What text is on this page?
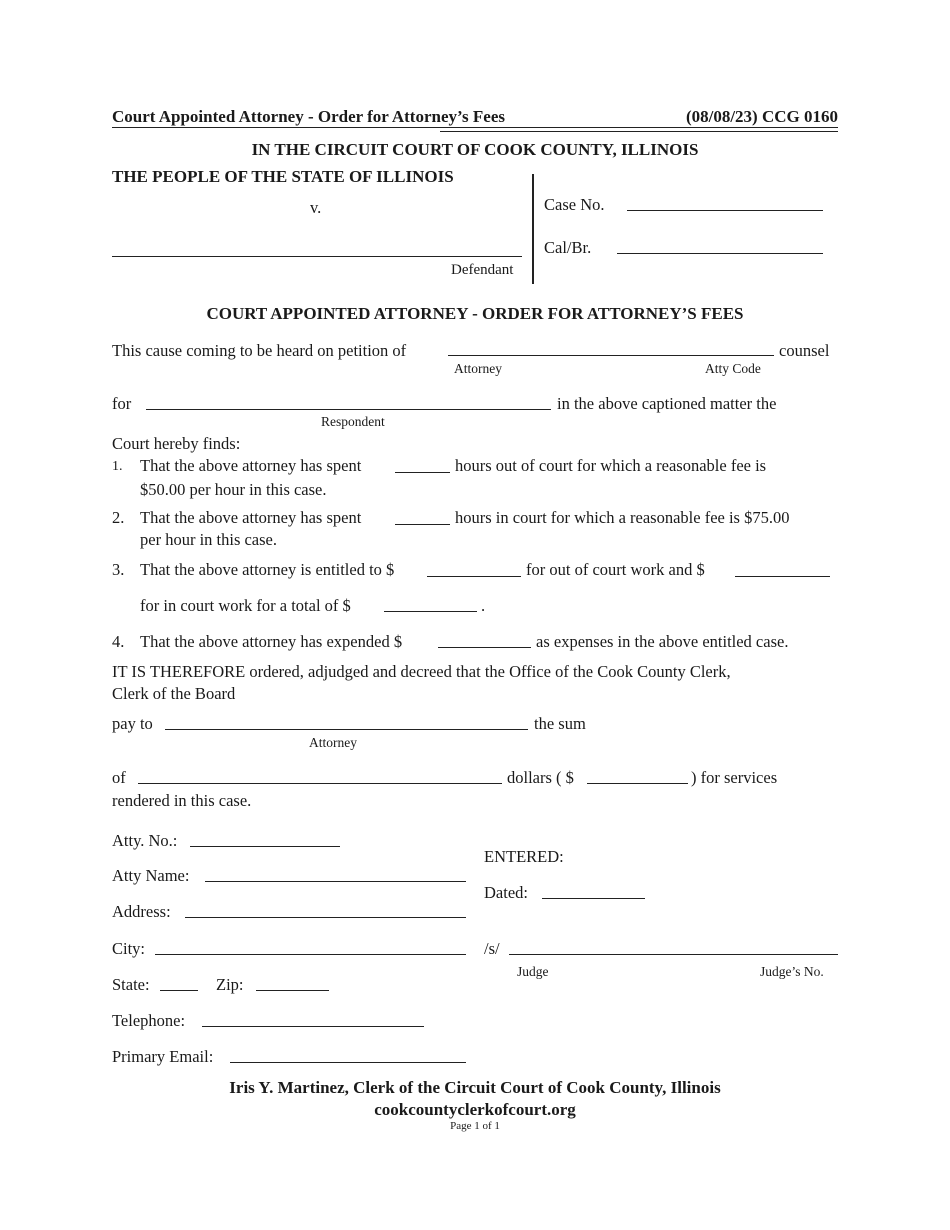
Court Appointed Attorney - Order for Attorney’s Fees	(08/08/23) CCG 0160
IN THE CIRCUIT COURT OF COOK COUNTY, ILLINOIS
THE PEOPLE OF THE STATE OF ILLINOIS
v.
Defendant
Case No.
Cal/Br.
COURT APPOINTED ATTORNEY - ORDER FOR ATTORNEY’S FEES
This cause coming to be heard on petition of	counsel
Attorney	Atty Code
for	in the above captioned matter the
Respondent
Court hereby finds:
1. That the above attorney has spent	hours out of court for which a reasonable fee is
$50.00 per hour in this case.
2. That the above attorney has spent	hours in court for which a reasonable fee is $75.00
per hour in this case.
3. That the above attorney is entitled to $	for out of court work and $
for in court work for a total of $	.
4. That the above attorney has expended $	as expenses in the above entitled case.
IT IS THEREFORE ordered, adjudged and decreed that the Office of the Cook County Clerk,
Clerk of the Board
pay to	the sum
Attorney
of	dollars ( $	) for services
rendered in this case.
Atty. No.:
Atty Name:
Address:
City:
State:	Zip:
Telephone:
Primary Email:
ENTERED:
Dated:
/s/
Judge	Judge’s No.
Iris Y. Martinez, Clerk of the Circuit Court of Cook County, Illinois
cookcountyclerkofcourt.org
Page 1 of 1
